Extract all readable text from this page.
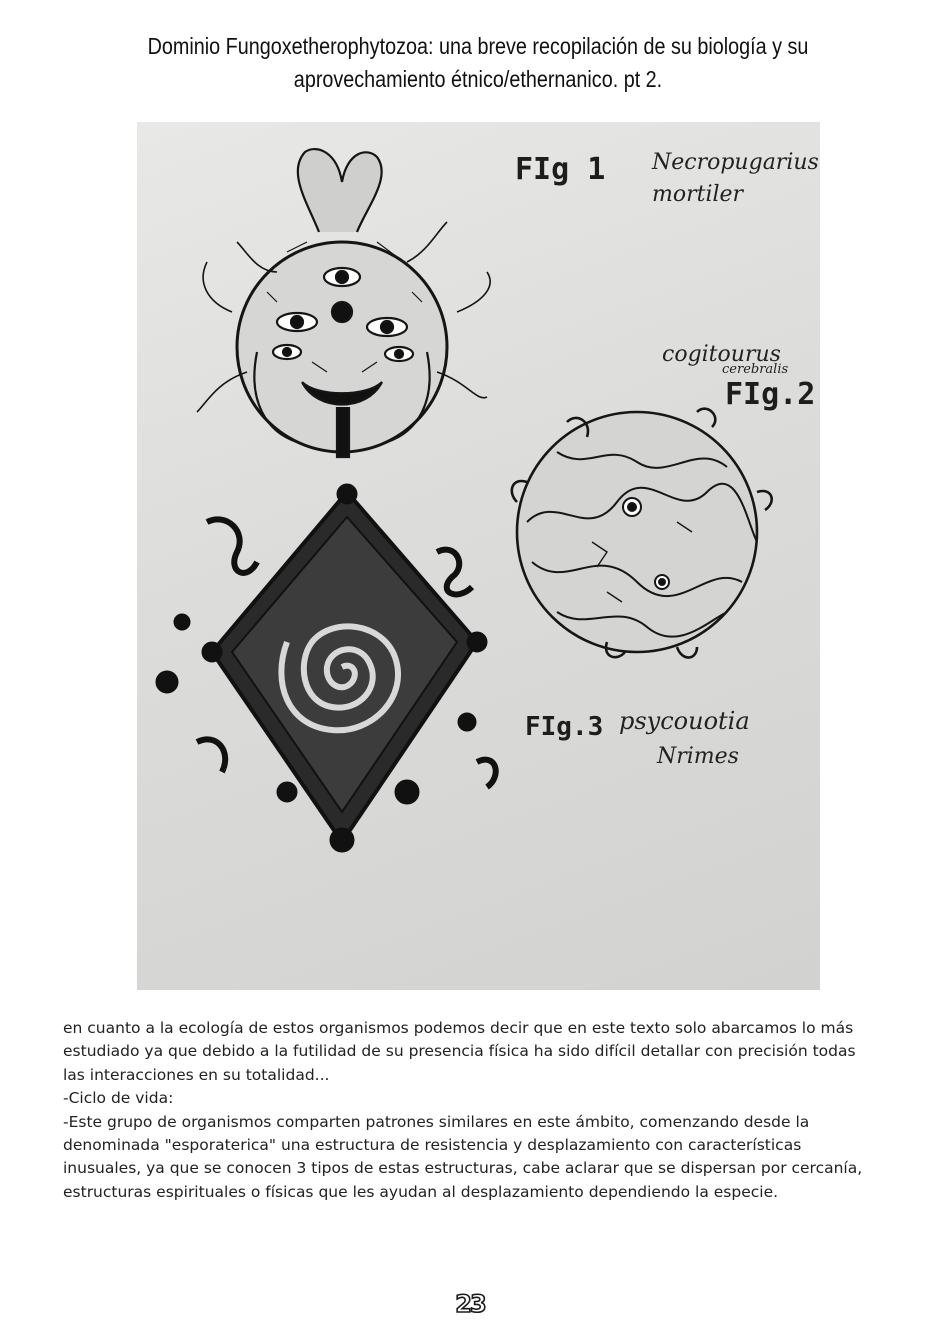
Dominio Fungoxetherophytozoa: una breve recopilación de su biología y su
aprovechamiento étnico/ethernanico. pt 2.
FIg 1 Necropugarius
mortiler
cogitourus
cerebralis
FIg.2
FIg.3 psycouotia
Nrimes

en cuanto a la ecología de estos organismos podemos decir que en este texto solo abarcamos lo más estudiado ya que debido a la futilidad de su presencia física ha sido difícil detallar con precisión todas las interacciones en su totalidad...

-Ciclo de vida:

-Este grupo de organismos comparten patrones similares en este ámbito, comenzando desde la denominada "esporaterica" una estructura de resistencia y desplazamiento con características inusuales, ya que se conocen 3 tipos de estas estructuras, cabe aclarar que se dispersan por cercanía, estructuras espirituales o físicas que les ayudan al desplazamiento dependiendo la especie.

23
